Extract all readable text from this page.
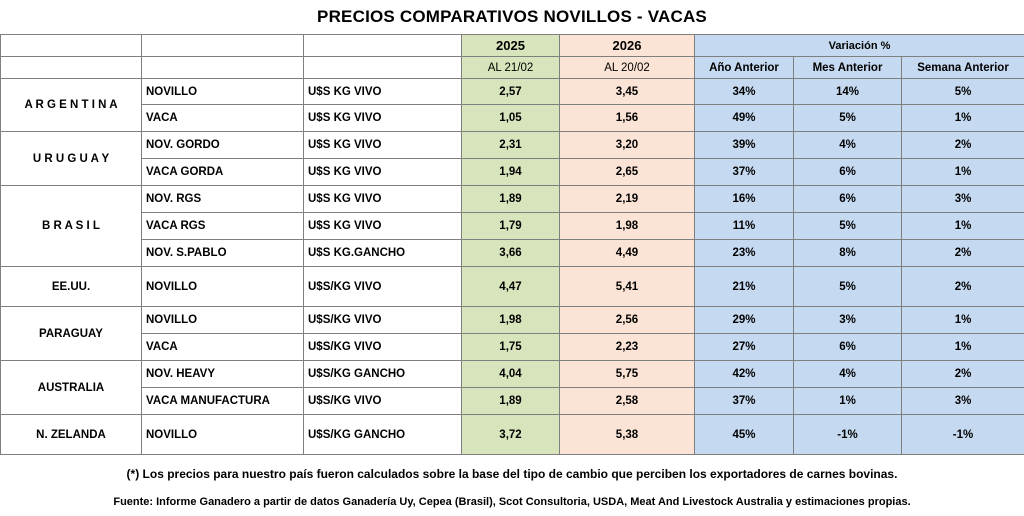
PRECIOS COMPARATIVOS NOVILLOS - VACAS
			2025	2026	Variación %		
			AL 21/02	AL 20/02	Año Anterior	Mes Anterior	Semana Anterior
A R G E N T I N A	NOVILLO	U$S KG VIVO	2,57	3,45	34%	14%	5%
	VACA	U$S KG VIVO	1,05	1,56	49%	5%	1%
U R U G U A Y	NOV. GORDO	U$S KG VIVO	2,31	3,20	39%	4%	2%
	VACA GORDA	U$S KG VIVO	1,94	2,65	37%	6%	1%
B R A S I L	NOV. RGS	U$S KG VIVO	1,89	2,19	16%	6%	3%
	VACA RGS	U$S KG VIVO	1,79	1,98	11%	5%	1%
	NOV. S.PABLO	U$S KG.GANCHO	3,66	4,49	23%	8%	2%
EE.UU.	NOVILLO	U$S/KG VIVO	4,47	5,41	21%	5%	2%
PARAGUAY	NOVILLO	U$S/KG VIVO	1,98	2,56	29%	3%	1%
	VACA	U$S/KG VIVO	1,75	2,23	27%	6%	1%
AUSTRALIA	NOV. HEAVY	U$S/KG GANCHO	4,04	5,75	42%	4%	2%
	VACA MANUFACTURA	U$S/KG VIVO	1,89	2,58	37%	1%	3%
N. ZELANDA	NOVILLO	U$S/KG GANCHO	3,72	5,38	45%	-1%	-1%
(*) Los precios para nuestro país fueron calculados sobre la base del tipo de cambio que perciben los exportadores de carnes bovinas.
Fuente: Informe Ganadero a partir de datos Ganadería Uy, Cepea (Brasil), Scot Consultoria, USDA, Meat And Livestock Australia y estimaciones propias.
